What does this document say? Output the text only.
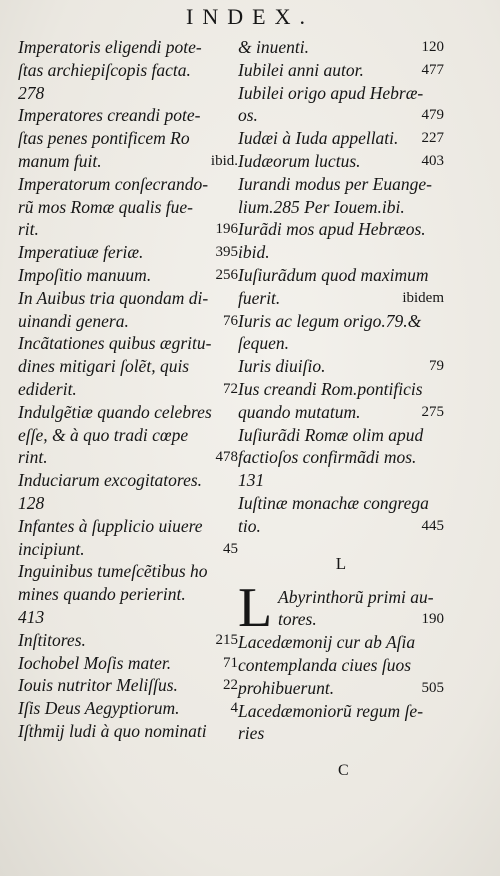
INDEX.
Imperatoris eligendi pote-
ſtas archiepiſcopis facta.
278
Imperatores creandi pote-
ſtas penes pontificem Ro
manum fuit.	ibid.
Imperatorum conſecrando-
rũ mos Romæ qualis fue-
rit.	196
Imperatiuæ feriæ.	395
Impoſitio manuum.	256
In Auibus tria quondam di-
uinandi genera.	76
Incãtationes quibus ægritu-
dines mitigari ſolẽt, quis
ediderit.	72
Indulgẽtiæ quando celebres
eſſe, & à quo tradi cœpe
rint.	478
Induciarum excogitatores.
128
Infantes à ſupplicio uiuere
incipiunt.	45
Inguinibus tumeſcẽtibus ho
mines quando perierint.
413
Inſtitores.	215
Iochobel Moſis mater.	71
Iouis nutritor Meliſſus.	22
Iſis Deus Aegyptiorum.	4
Iſthmij ludi à quo nominati
& inuenti.	120
Iubilei anni autor.	477
Iubilei origo apud Hebræ-
os.	479
Iudæi à Iuda appellati.	227
Iudæorum luctus.	403
Iurandi modus per Euange-
lium.285 Per Iouem.ibi.
Iurãdi mos apud Hebræos.
ibid.
Iuſiurãdum quod maximum
fuerit.	ibidem
Iuris ac legum origo.79.&
ſequen.
Iuris diuiſio.	79
Ius creandi Rom.pontificis
quando mutatum.	275
Iuſiurãdi Romæ olim apud
factioſos confirmãdi mos.
131
Iuſtinæ monachæ congrega
tio.	445
L
L Abyrinthorũ primi au-
tores.	190
Lacedæmonij cur ab Aſia
contemplanda ciues ſuos
prohibuerunt.	505
Lacedæmoniorũ regum ſe-
ries
C
